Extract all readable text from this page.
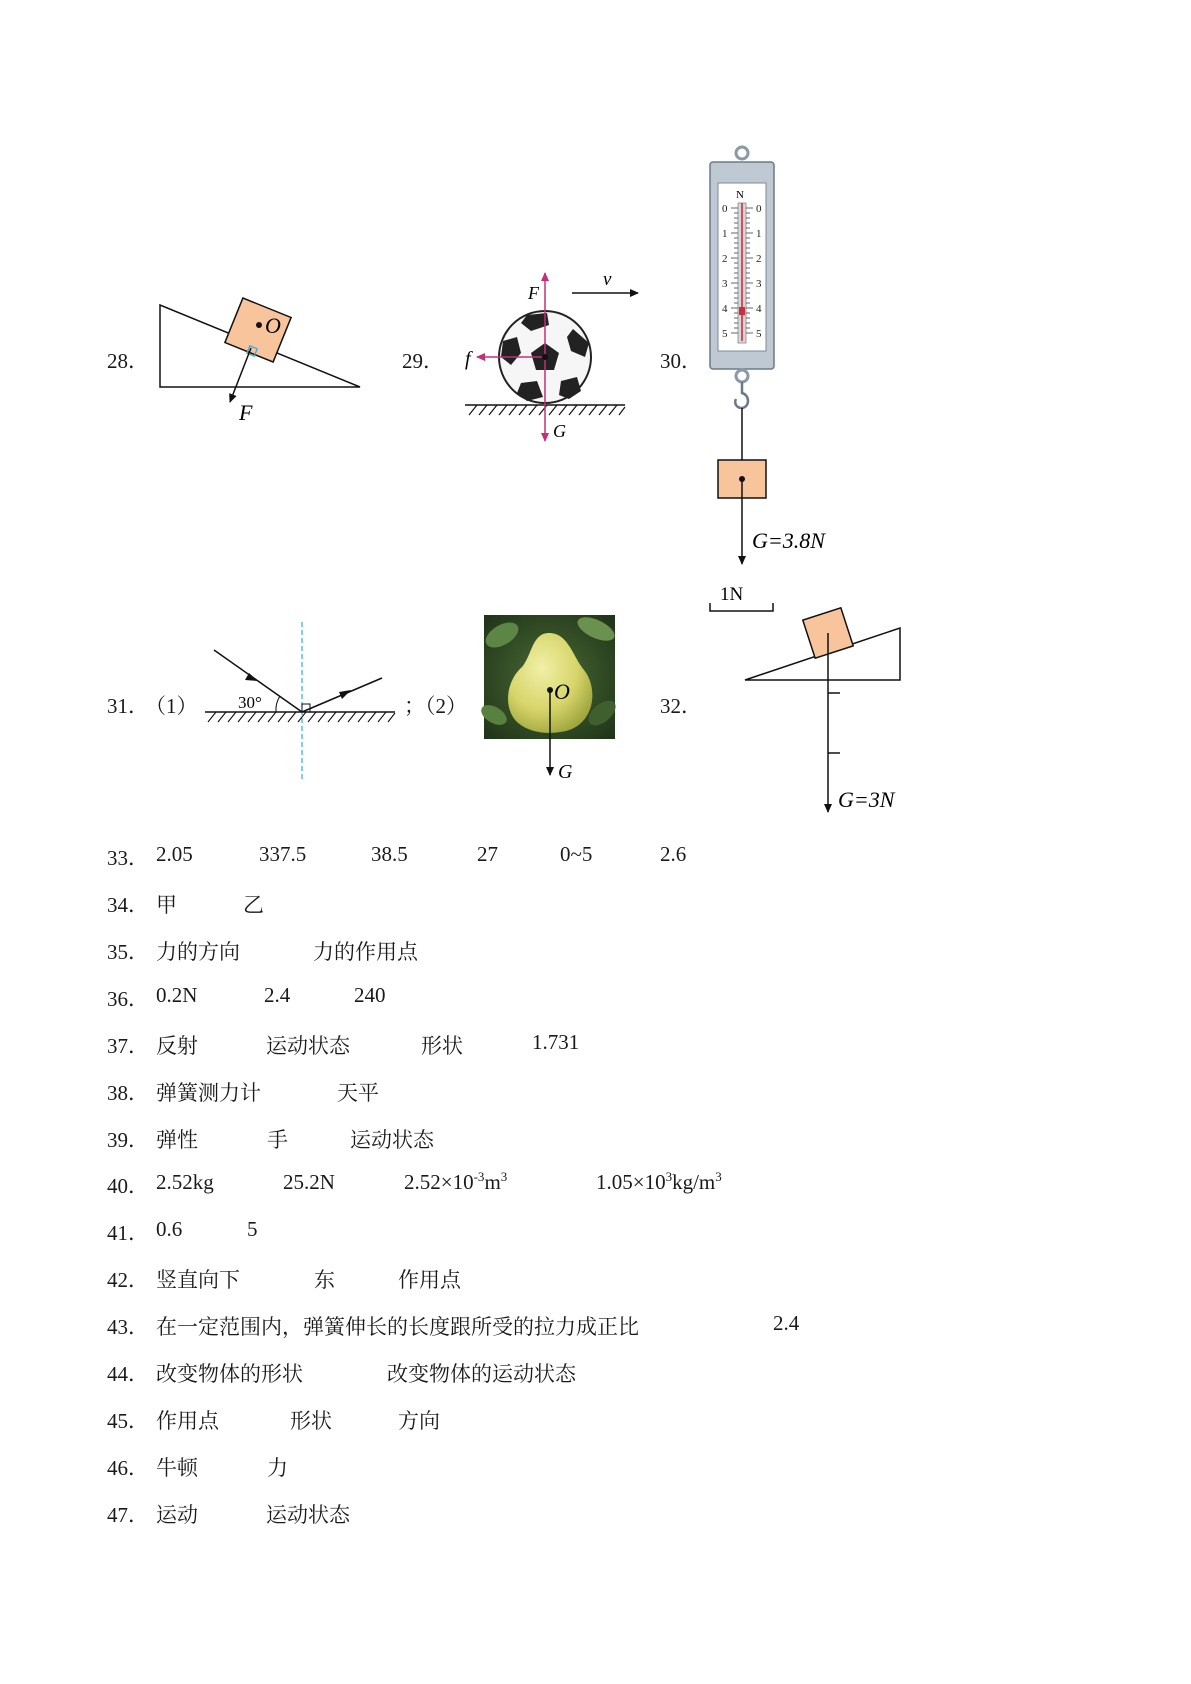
28．
O
F
29．
v
F
f
G
30．
N
0	0
1	1
2	2
3	3
4	4
5	5
G=3.8N
1N
31．
（1） 30°	；（2）
O
G
32．
G=3N
33． 2.05	337.5	38.5	27	0~5	2.6
34． 甲	乙
35． 力的方向	力的作用点
36． 0.2N	2.4	240
37． 反射	运动状态	形状	1.731
38． 弹簧测力计	天平
39． 弹性	手	运动状态
40． 2.52kg	25.2N	$2.52\times 10^{-3}m^3$	$1.05\times 10^3kg/m^3$
41． 0.6	5
42． 竖直向下	东	作用点
43． 在一定范围内，弹簧伸长的长度跟所受的拉力成正比	2.4
44． 改变物体的形状	改变物体的运动状态
45． 作用点	形状	方向
46． 牛顿	力
47． 运动	运动状态
